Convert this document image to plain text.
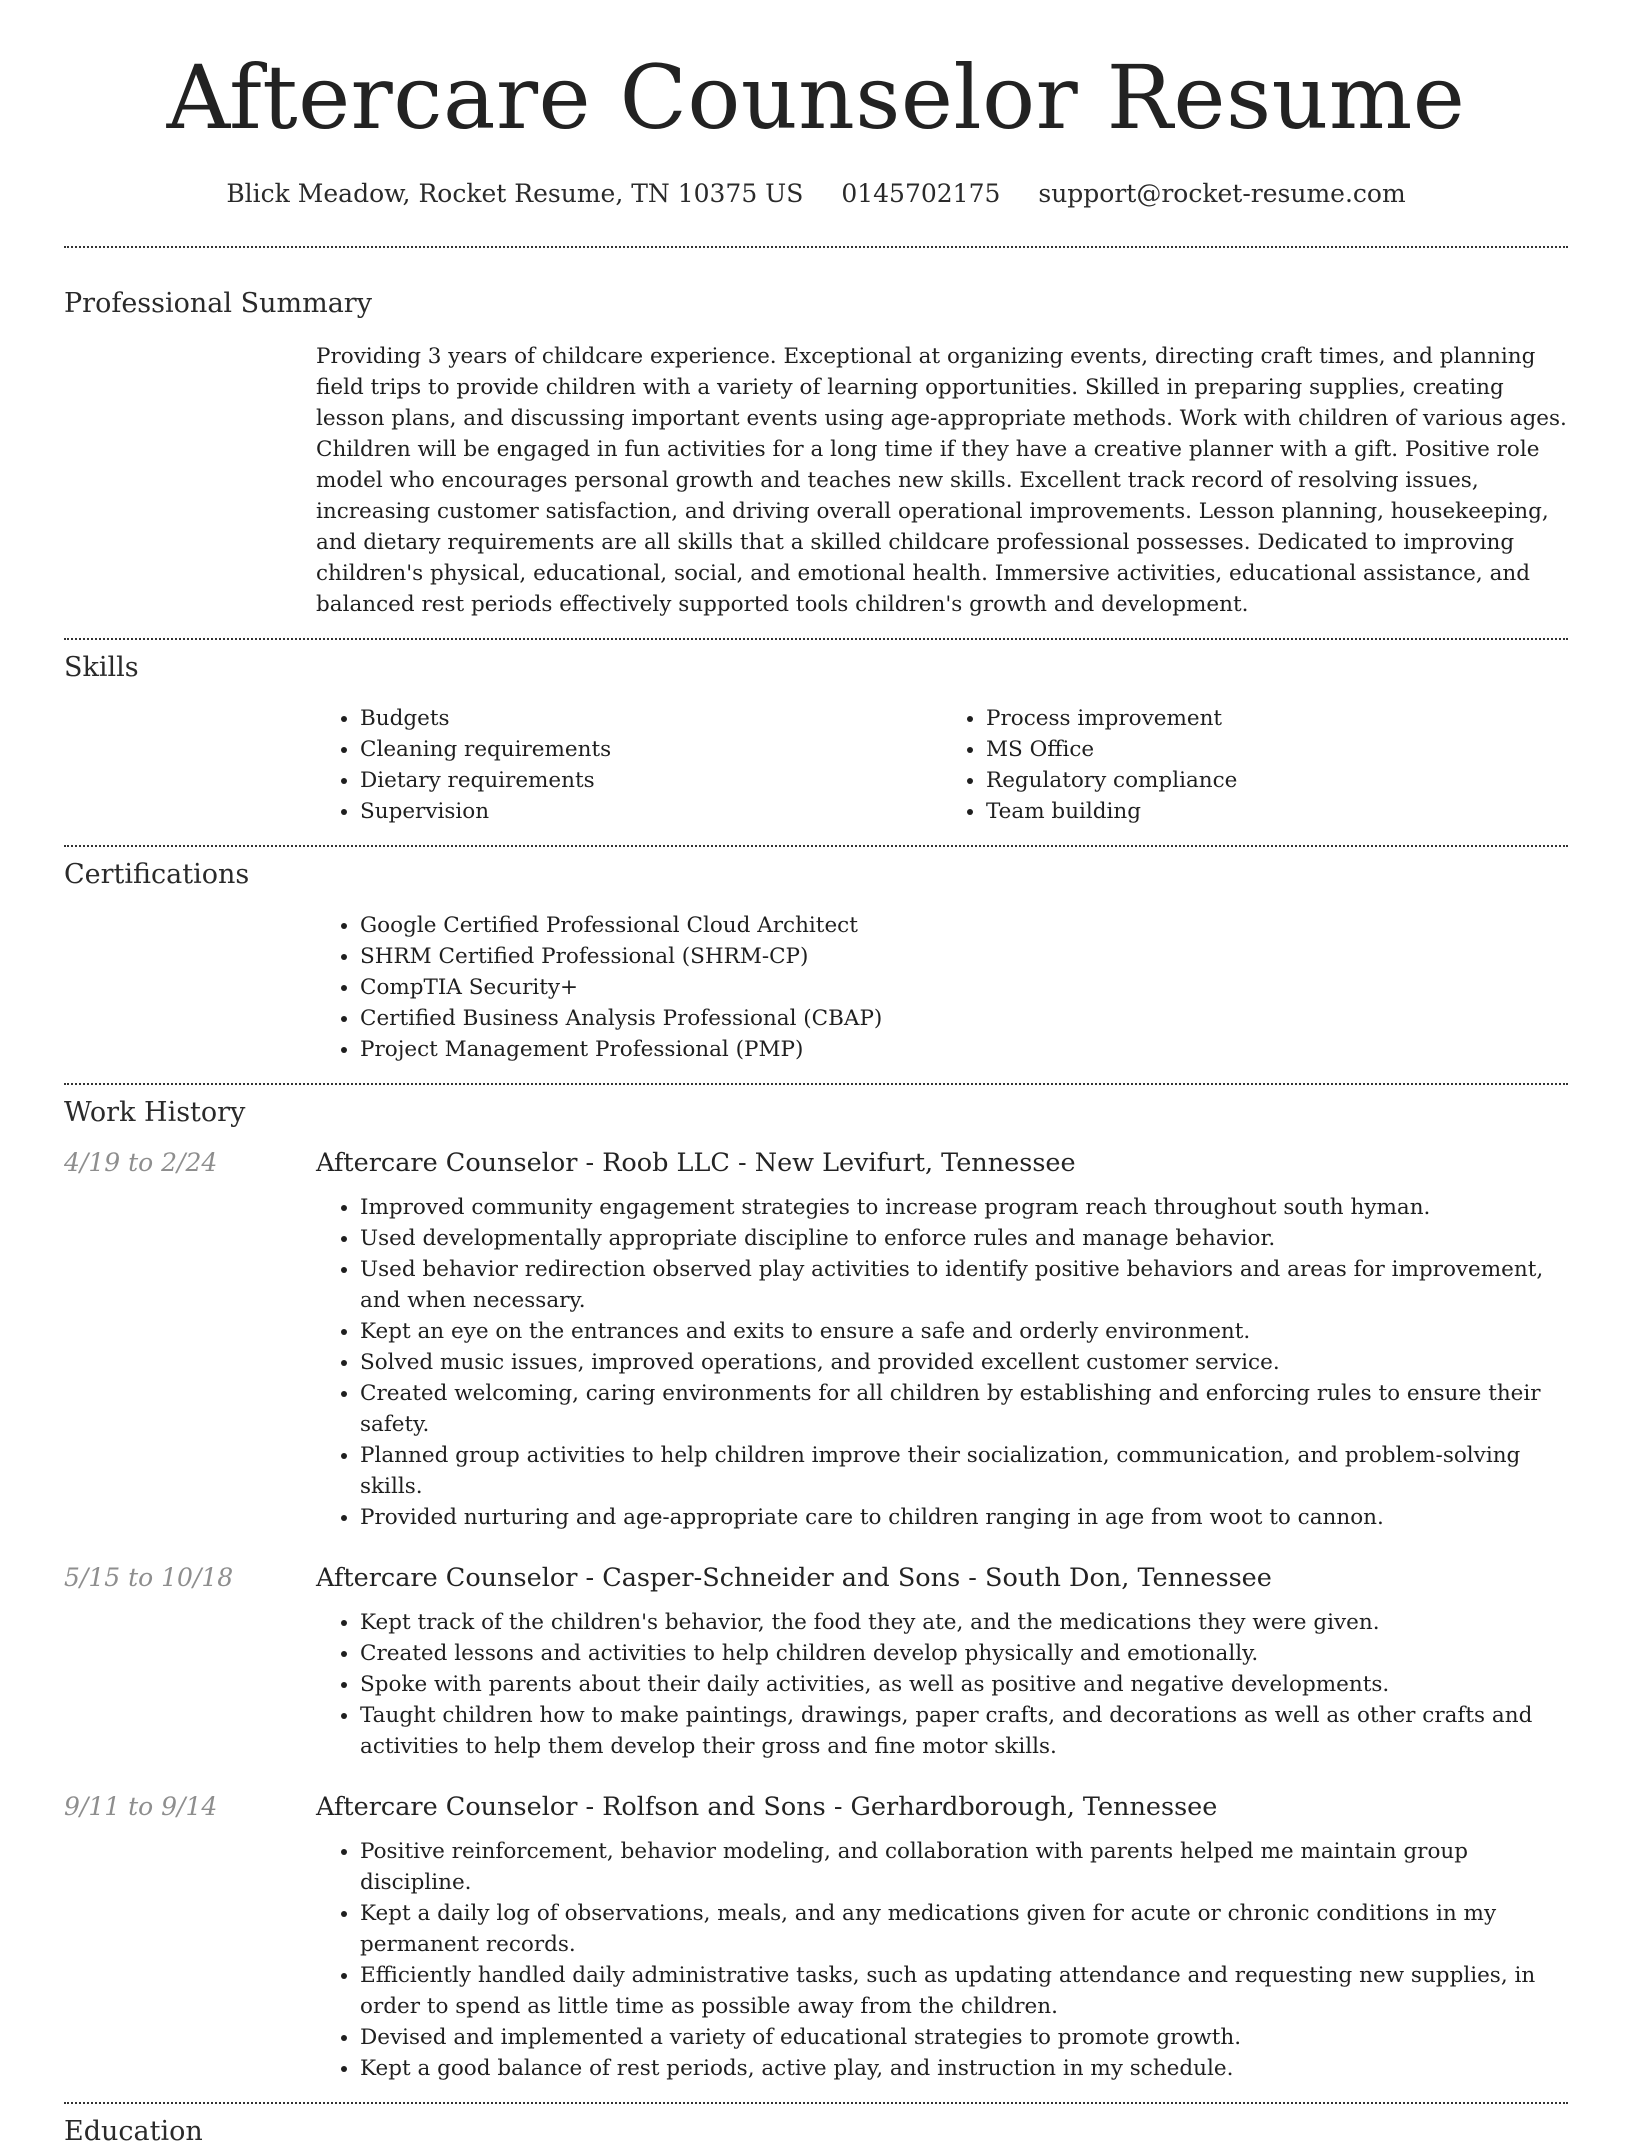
Aftercare Counselor Resume
Blick Meadow, Rocket Resume, TN 10375 US 0145702175 support@rocket-resume.com
Professional Summary

Providing 3 years of childcare experience. Exceptional at organizing events, directing craft times, and planning field trips to provide children with a variety of learning opportunities. Skilled in preparing supplies, creating lesson plans, and discussing important events using age-appropriate methods. Work with children of various ages. Children will be engaged in fun activities for a long time if they have a creative planner with a gift. Positive role model who encourages personal growth and teaches new skills. Excellent track record of resolving issues, increasing customer satisfaction, and driving overall operational improvements. Lesson planning, housekeeping, and dietary requirements are all skills that a skilled childcare professional possesses. Dedicated to improving children's physical, educational, social, and emotional health. Immersive activities, educational assistance, and balanced rest periods effectively supported tools children's growth and development.

Skills
• Budgets
• Cleaning requirements
• Dietary requirements
• Supervision
• Process improvement
• MS Office
• Regulatory compliance
• Team building
Certifications
• Google Certified Professional Cloud Architect
• SHRM Certified Professional (SHRM-CP)
• CompTIA Security+
• Certified Business Analysis Professional (CBAP)
• Project Management Professional (PMP)
Work History
4/19 to 2/24	Aftercare Counselor - Roob LLC - New Levifurt, Tennessee
• Improved community engagement strategies to increase program reach throughout south hyman.
• Used developmentally appropriate discipline to enforce rules and manage behavior.
• Used behavior redirection observed play activities to identify positive behaviors and areas for improvement, and when necessary.
• Kept an eye on the entrances and exits to ensure a safe and orderly environment.
• Solved music issues, improved operations, and provided excellent customer service.
• Created welcoming, caring environments for all children by establishing and enforcing rules to ensure their safety.
• Planned group activities to help children improve their socialization, communication, and problem-solving skills.
• Provided nurturing and age-appropriate care to children ranging in age from woot to cannon.
5/15 to 10/18	Aftercare Counselor - Casper-Schneider and Sons - South Don, Tennessee
• Kept track of the children's behavior, the food they ate, and the medications they were given.
• Created lessons and activities to help children develop physically and emotionally.
• Spoke with parents about their daily activities, as well as positive and negative developments.
• Taught children how to make paintings, drawings, paper crafts, and decorations as well as other crafts and activities to help them develop their gross and fine motor skills.
9/11 to 9/14	Aftercare Counselor - Rolfson and Sons - Gerhardborough, Tennessee
• Positive reinforcement, behavior modeling, and collaboration with parents helped me maintain group discipline.
• Kept a daily log of observations, meals, and any medications given for acute or chronic conditions in my permanent records.
• Efficiently handled daily administrative tasks, such as updating attendance and requesting new supplies, in order to spend as little time as possible away from the children.
• Devised and implemented a variety of educational strategies to promote growth.
• Kept a good balance of rest periods, active play, and instruction in my schedule.
Education
